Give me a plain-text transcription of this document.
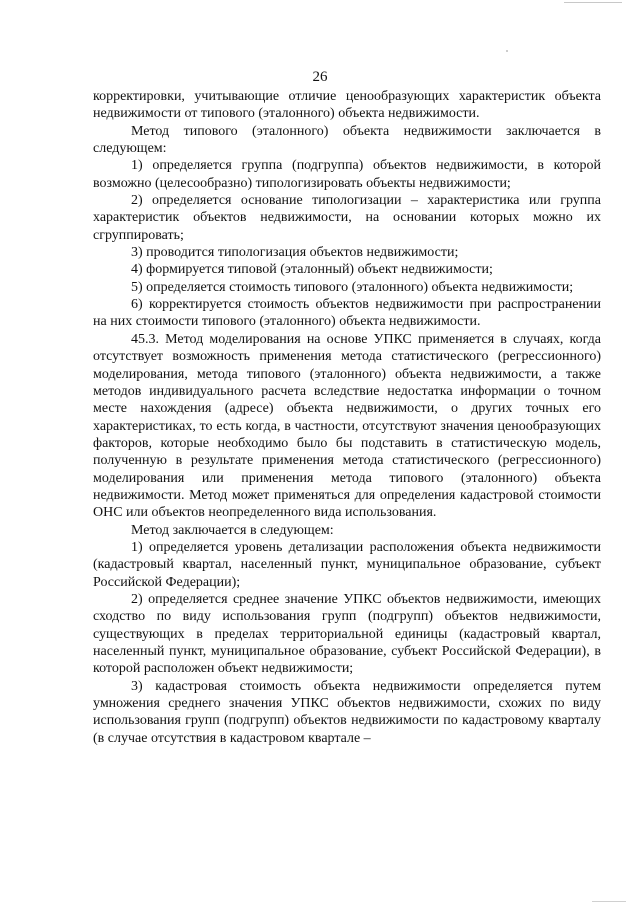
26

корректировки, учитывающие отличие ценообразующих характеристик объекта недвижимости от типового (эталонного) объекта недвижимости.

Метод типового (эталонного) объекта недвижимости заключается в следующем:

1) определяется группа (подгруппа) объектов недвижимости, в которой возможно (целесообразно) типологизировать объекты недвижимости;

2) определяется основание типологизации – характеристика или группа характеристик объектов недвижимости, на основании которых можно их сгруппировать;

3) проводится типологизация объектов недвижимости;

4) формируется типовой (эталонный) объект недвижимости;

5) определяется стоимость типового (эталонного) объекта недвижимости;

6) корректируется стоимость объектов недвижимости при распространении на них стоимости типового (эталонного) объекта недвижимости.

45.3. Метод моделирования на основе УПКС применяется в случаях, когда отсутствует возможность применения метода статистического (регрессионного) моделирования, метода типового (эталонного) объекта недвижимости, а также методов индивидуального расчета вследствие недостатка информации о точном месте нахождения (адресе) объекта недвижимости, о других точных его характеристиках, то есть когда, в частности, отсутствуют значения ценообразующих факторов, которые необходимо было бы подставить в статистическую модель, полученную в результате применения метода статистического (регрессионного) моделирования или применения метода типового (эталонного) объекта недвижимости. Метод может применяться для определения кадастровой стоимости ОНС или объектов неопределенного вида использования.

Метод заключается в следующем:

1) определяется уровень детализации расположения объекта недвижимости (кадастровый квартал, населенный пункт, муниципальное образование, субъект Российской Федерации);

2) определяется среднее значение УПКС объектов недвижимости, имеющих сходство по виду использования групп (подгрупп) объектов недвижимости, существующих в пределах территориальной единицы (кадастровый квартал, населенный пункт, муниципальное образование, субъект Российской Федерации), в которой расположен объект недвижимости;

3) кадастровая стоимость объекта недвижимости определяется путем умножения среднего значения УПКС объектов недвижимости, схожих по виду использования групп (подгрупп) объектов недвижимости по кадастровому кварталу (в случае отсутствия в кадастровом квартале –
